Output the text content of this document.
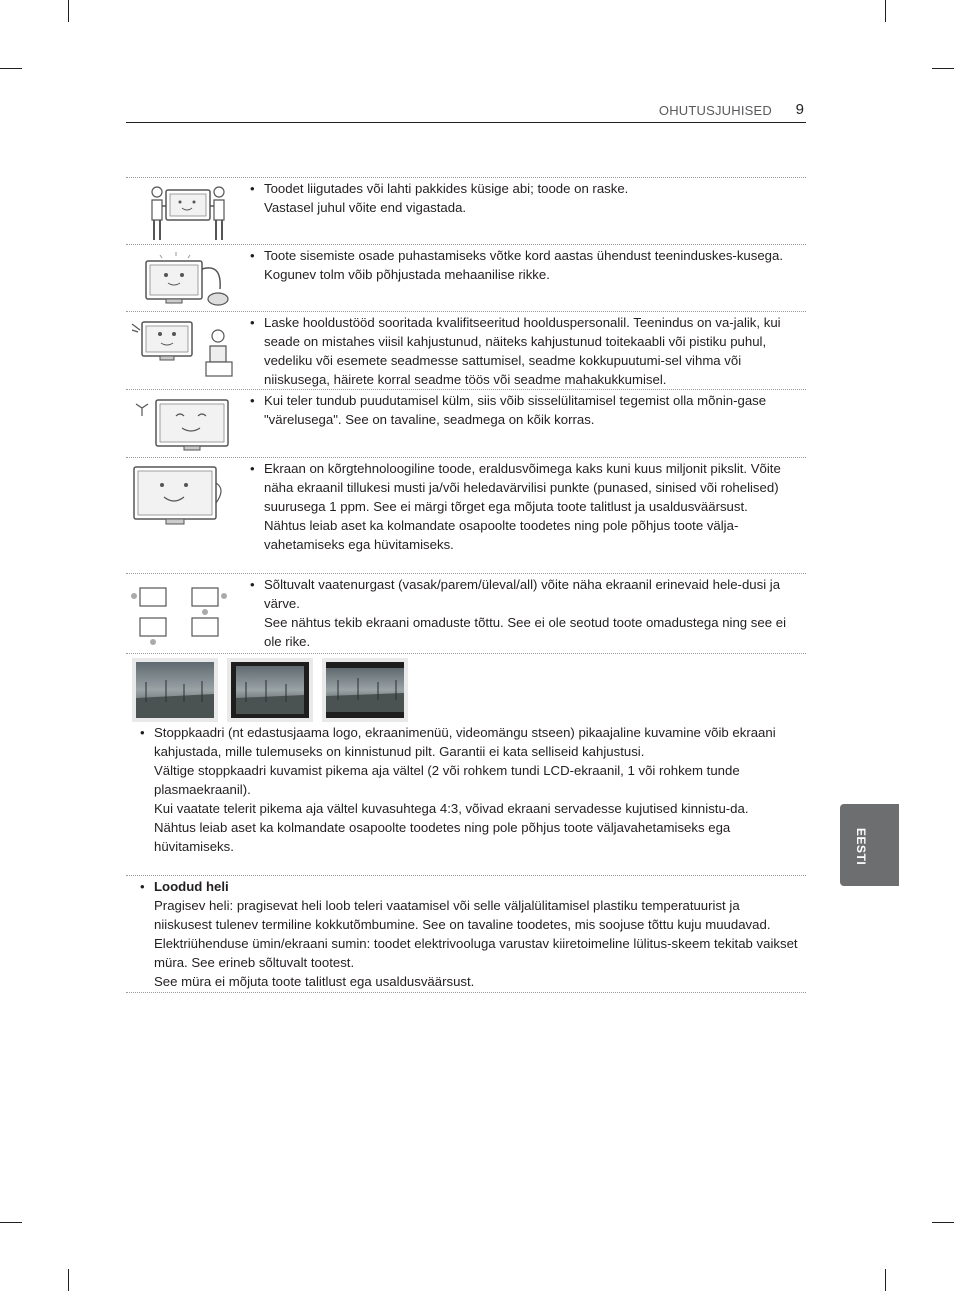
OHUTUSJUHISED 9

• Toodet liigutades või lahti pakkides küsige abi; toode on raske.
Vastasel juhul võite end vigastada.

• Toote sisemiste osade puhastamiseks võtke kord aastas ühendust teeninduskes-kusega.
Kogunev tolm võib põhjustada mehaanilise rikke.

• Laske hooldustööd sooritada kvalifitseeritud hoolduspersonalil. Teenindus on va-jalik, kui seade on mistahes viisil kahjustunud, näiteks kahjustunud toitekaabli või pistiku puhul, vedeliku või esemete seadmesse sattumisel, seadme kokkupuutumi-sel vihma või niiskusega, häirete korral seadme töös või seadme mahakukkumisel.

• Kui teler tundub puudutamisel külm, siis võib sisselülitamisel tegemist olla mõnin-gase "värelusega". See on tavaline, seadmega on kõik korras.

• Ekraan on kõrgtehnoloogiline toode, eraldusvõimega kaks kuni kuus miljonit pikslit. Võite näha ekraanil tillukesi musti ja/või heledavärvilisi punkte (punased, sinised või rohelised) suurusega 1 ppm. See ei märgi tõrget ega mõjuta toote talitlust ja usaldusväärsust.
Nähtus leiab aset ka kolmandate osapoolte toodetes ning pole põhjus toote välja-vahetamiseks ega hüvitamiseks.

• Sõltuvalt vaatenurgast (vasak/parem/üleval/all) võite näha ekraanil erinevaid hele-dusi ja värve.
See nähtus tekib ekraani omaduste tõttu. See ei ole seotud toote omadustega ning see ei ole rike.

• Stoppkaadri (nt edastusjaama logo, ekraanimenüü, videomängu stseen) pikaajaline kuvamine võib ekraani kahjustada, mille tulemuseks on kinnistunud pilt. Garantii ei kata selliseid kahjustusi.
Vältige stoppkaadri kuvamist pikema aja vältel (2 või rohkem tundi LCD-ekraanil, 1 või rohkem tunde plasmaekraanil).
Kui vaatate telerit pikema aja vältel kuvasuhtega 4:3, võivad ekraani servadesse kujutised kinnistu-da.
Nähtus leiab aset ka kolmandate osapoolte toodetes ning pole põhjus toote väljavahetamiseks ega hüvitamiseks.

• Loodud heli
Pragisev heli: pragisevat heli loob teleri vaatamisel või selle väljalülitamisel plastiku temperatuurist ja niiskusest tulenev termiline kokkutõmbumine. See on tavaline toodetes, mis soojuse tõttu kuju muudavad. Elektriühenduse ümin/ekraani sumin: toodet elektrivooluga varustav kiiretoimeline lülitus-skeem tekitab vaikset müra. See erineb sõltuvalt tootest.
See müra ei mõjuta toote talitlust ega usaldusväärsust.

EESTI
